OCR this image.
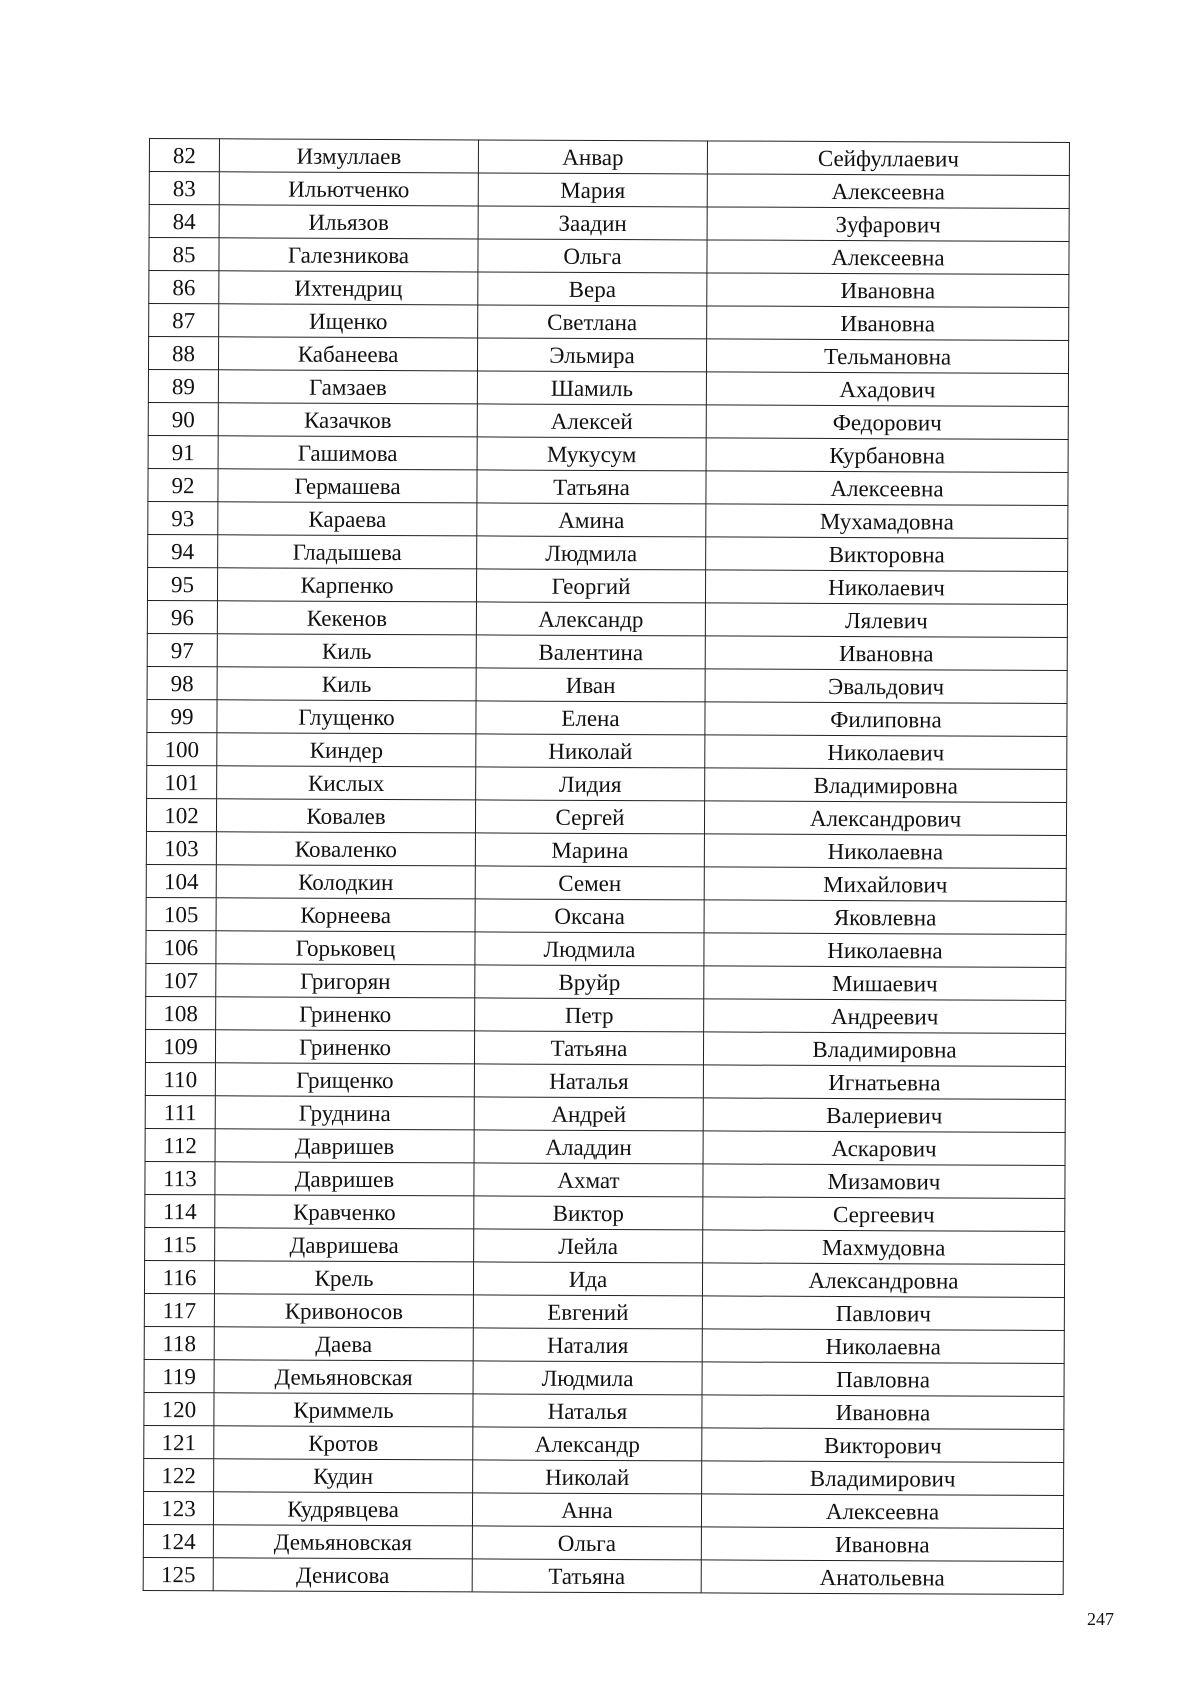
82	Измуллаев	Анвар	Сейфуллаевич
83	Ильютченко	Мария	Алексеевна
84	Ильязов	Заадин	Зуфарович
85	Галезникова	Ольга	Алексеевна
86	Ихтендриц	Вера	Ивановна
87	Ищенко	Светлана	Ивановна
88	Кабанеева	Эльмира	Тельмановна
89	Гамзаев	Шамиль	Ахадович
90	Казачков	Алексей	Федорович
91	Гашимова	Мукусум	Курбановна
92	Гермашева	Татьяна	Алексеевна
93	Караева	Амина	Мухамадовна
94	Гладышева	Людмила	Викторовна
95	Карпенко	Георгий	Николаевич
96	Кекенов	Александр	Лялевич
97	Киль	Валентина	Ивановна
98	Киль	Иван	Эвальдович
99	Глущенко	Елена	Филиповна
100	Киндер	Николай	Николаевич
101	Кислых	Лидия	Владимировна
102	Ковалев	Сергей	Александрович
103	Коваленко	Марина	Николаевна
104	Колодкин	Семен	Михайлович
105	Корнеева	Оксана	Яковлевна
106	Горьковец	Людмила	Николаевна
107	Григорян	Вруйр	Мишаевич
108	Гриненко	Петр	Андреевич
109	Гриненко	Татьяна	Владимировна
110	Грищенко	Наталья	Игнатьевна
111	Груднина	Андрей	Валериевич
112	Давришев	Аладдин	Аскарович
113	Давришев	Ахмат	Мизамович
114	Кравченко	Виктор	Сергеевич
115	Давришева	Лейла	Махмудовна
116	Крель	Ида	Александровна
117	Кривоносов	Евгений	Павлович
118	Даева	Наталия	Николаевна
119	Демьяновская	Людмила	Павловна
120	Криммель	Наталья	Ивановна
121	Кротов	Александр	Викторович
122	Кудин	Николай	Владимирович
123	Кудрявцева	Анна	Алексеевна
124	Демьяновская	Ольга	Ивановна
125	Денисова	Татьяна	Анатольевна
247
